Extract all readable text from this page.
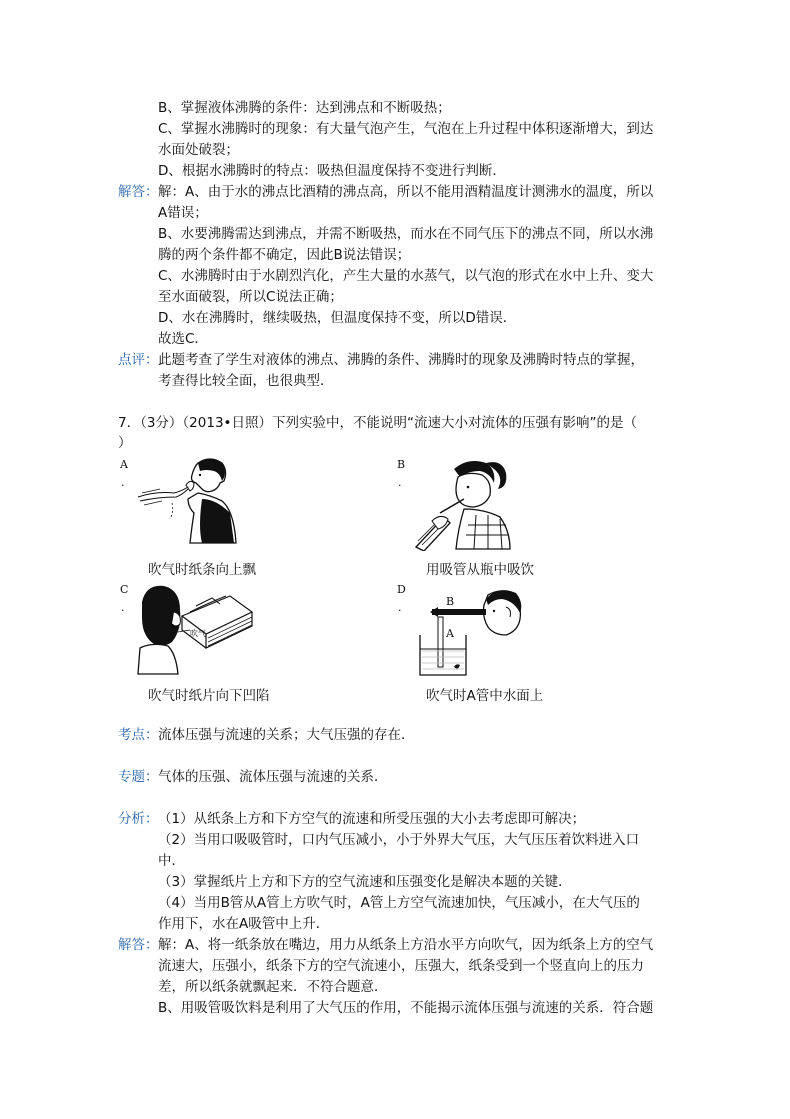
B、掌握液体沸腾的条件：达到沸点和不断吸热；
C、掌握水沸腾时的现象：有大量气泡产生，气泡在上升过程中体积逐渐增大，到达
水面处破裂；
D、根据水沸腾时的特点：吸热但温度保持不变进行判断．
解答： 解：A、由于水的沸点比酒精的沸点高，所以不能用酒精温度计测沸水的温度，所以
A错误；
B、水要沸腾需达到沸点，并需不断吸热，而水在不同气压下的沸点不同，所以水沸
腾的两个条件都不确定，因此B说法错误；
C、水沸腾时由于水剧烈汽化，产生大量的水蒸气，以气泡的形式在水中上升、变大
至水面破裂，所以C说法正确；
D、水在沸腾时，继续吸热，但温度保持不变，所以D错误．
故选C．
点评： 此题考查了学生对液体的沸点、沸腾的条件、沸腾时的现象及沸腾时特点的掌握，
考查得比较全面，也很典型．
7．（3分）（2013•日照）下列实验中，不能说明“流速大小对流体的压强有影响”的是（
）
A
.
吹气时纸条向上飘
B
.
用吸管从瓶中吸饮
C
.
吹气
吹气时纸片向下凹陷
D
.	B
A
吹气时A管中水面上
考点： 流体压强与流速的关系；大气压强的存在．
专题： 气体的压强、流体压强与流速的关系．
分析： （1）从纸条上方和下方空气的流速和所受压强的大小去考虑即可解决；
（2）当用口吸吸管时，口内气压减小，小于外界大气压，大气压压着饮料进入口
中．
（3）掌握纸片上方和下方的空气流速和压强变化是解决本题的关键．
（4）当用B管从A管上方吹气时，A管上方空气流速加快，气压减小，在大气压的
作用下，水在A吸管中上升．
解答： 解：A、将一纸条放在嘴边，用力从纸条上方沿水平方向吹气，因为纸条上方的空气
流速大，压强小，纸条下方的空气流速小，压强大，纸条受到一个竖直向上的压力
差，所以纸条就飘起来．不符合题意．
B、用吸管吸饮料是利用了大气压的作用，不能揭示流体压强与流速的关系．符合题
